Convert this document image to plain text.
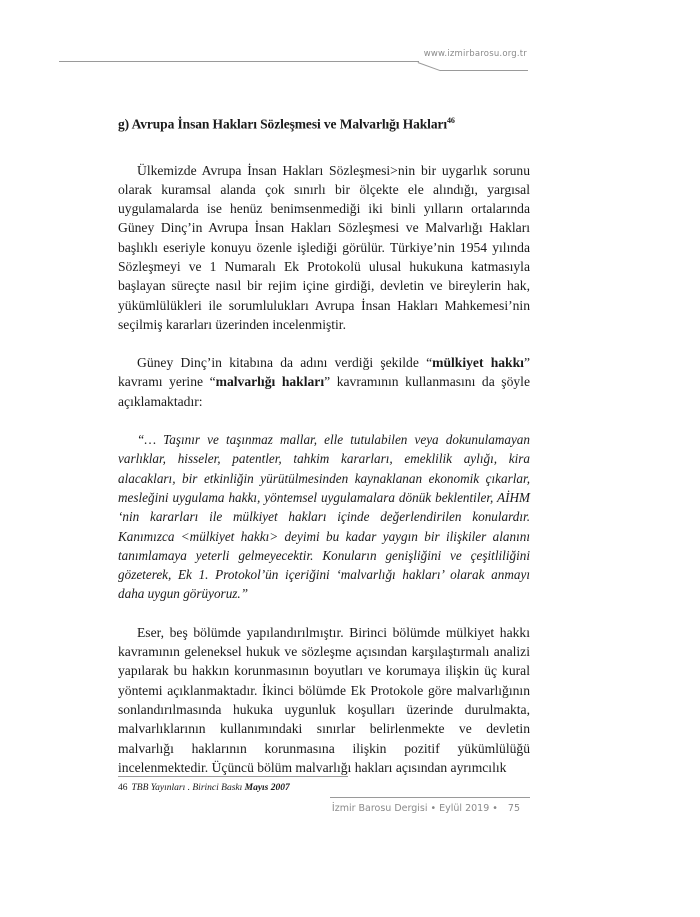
www.izmirbarosu.org.tr
g) Avrupa İnsan Hakları Sözleşmesi ve Malvarlığı Hakları$^{46}$

Ülkemizde Avrupa İnsan Hakları Sözleşmesi>nin bir uygarlık sorunu olarak kuramsal alanda çok sınırlı bir ölçekte ele alındığı, yargısal uygulamalarda ise henüz benimsenmediği iki binli yılların ortalarında Güney Dinç’in Avrupa İnsan Hakları Sözleşmesi ve Malvarlığı Hakları başlıklı eseriyle konuyu özenle işlediği görülür. Türkiye’nin 1954 yılında Sözleşmeyi ve 1 Numaralı Ek Protokolü ulusal hukukuna katmasıyla başlayan süreçte nasıl bir rejim içine girdiği, devletin ve bireylerin hak, yükümlülükleri ile sorumlulukları Avrupa İnsan Hakları Mahkemesi’nin seçilmiş kararları üzerinden incelenmiştir.

Güney Dinç’in kitabına da adını verdiği şekilde “mülkiyet hakkı” kavramı yerine “malvarlığı hakları” kavramının kullanmasını da şöyle açıklamaktadır:

“… Taşınır ve taşınmaz mallar, elle tutulabilen veya dokunulamayan varlıklar, hisseler, patentler, tahkim kararları, emeklilik aylığı, kira alacakları, bir etkinliğin yürütülmesinden kaynaklanan ekonomik çıkarlar, mesleğini uygulama hakkı, yöntemsel uygulamalara dönük beklentiler, AİHM ‘nin kararları ile mülkiyet hakları içinde değerlendirilen konulardır. Kanımızca <mülkiyet hakkı> deyimi bu kadar yaygın bir ilişkiler alanını tanımlamaya yeterli gelmeyecektir. Konuların genişliğini ve çeşitliliğini gözeterek, Ek 1. Protokol’ün içeriğini ‘malvarlığı hakları’ olarak anmayı daha uygun görüyoruz.”

Eser, beş bölümde yapılandırılmıştır. Birinci bölümde mülkiyet hakkı kavramının geleneksel hukuk ve sözleşme açısından karşılaştırmalı analizi yapılarak bu hakkın korunmasının boyutları ve korumaya ilişkin üç kural yöntemi açıklanmaktadır. İkinci bölümde Ek Protokole göre malvarlığının sonlandırılmasında hukuka uygunluk koşulları üzerinde durulmakta, malvarlıklarının kullanımındaki sınırlar belirlenmekte ve devletin malvarlığı haklarının korunmasına ilişkin pozitif yükümlülüğü incelenmektedir. Üçüncü bölüm malvarlığı hakları açısından ayrımcılık

46 TBB Yayınları . Birinci Baskı Mayıs 2007
İzmir Barosu Dergisi • Eylül 2019 • 75
